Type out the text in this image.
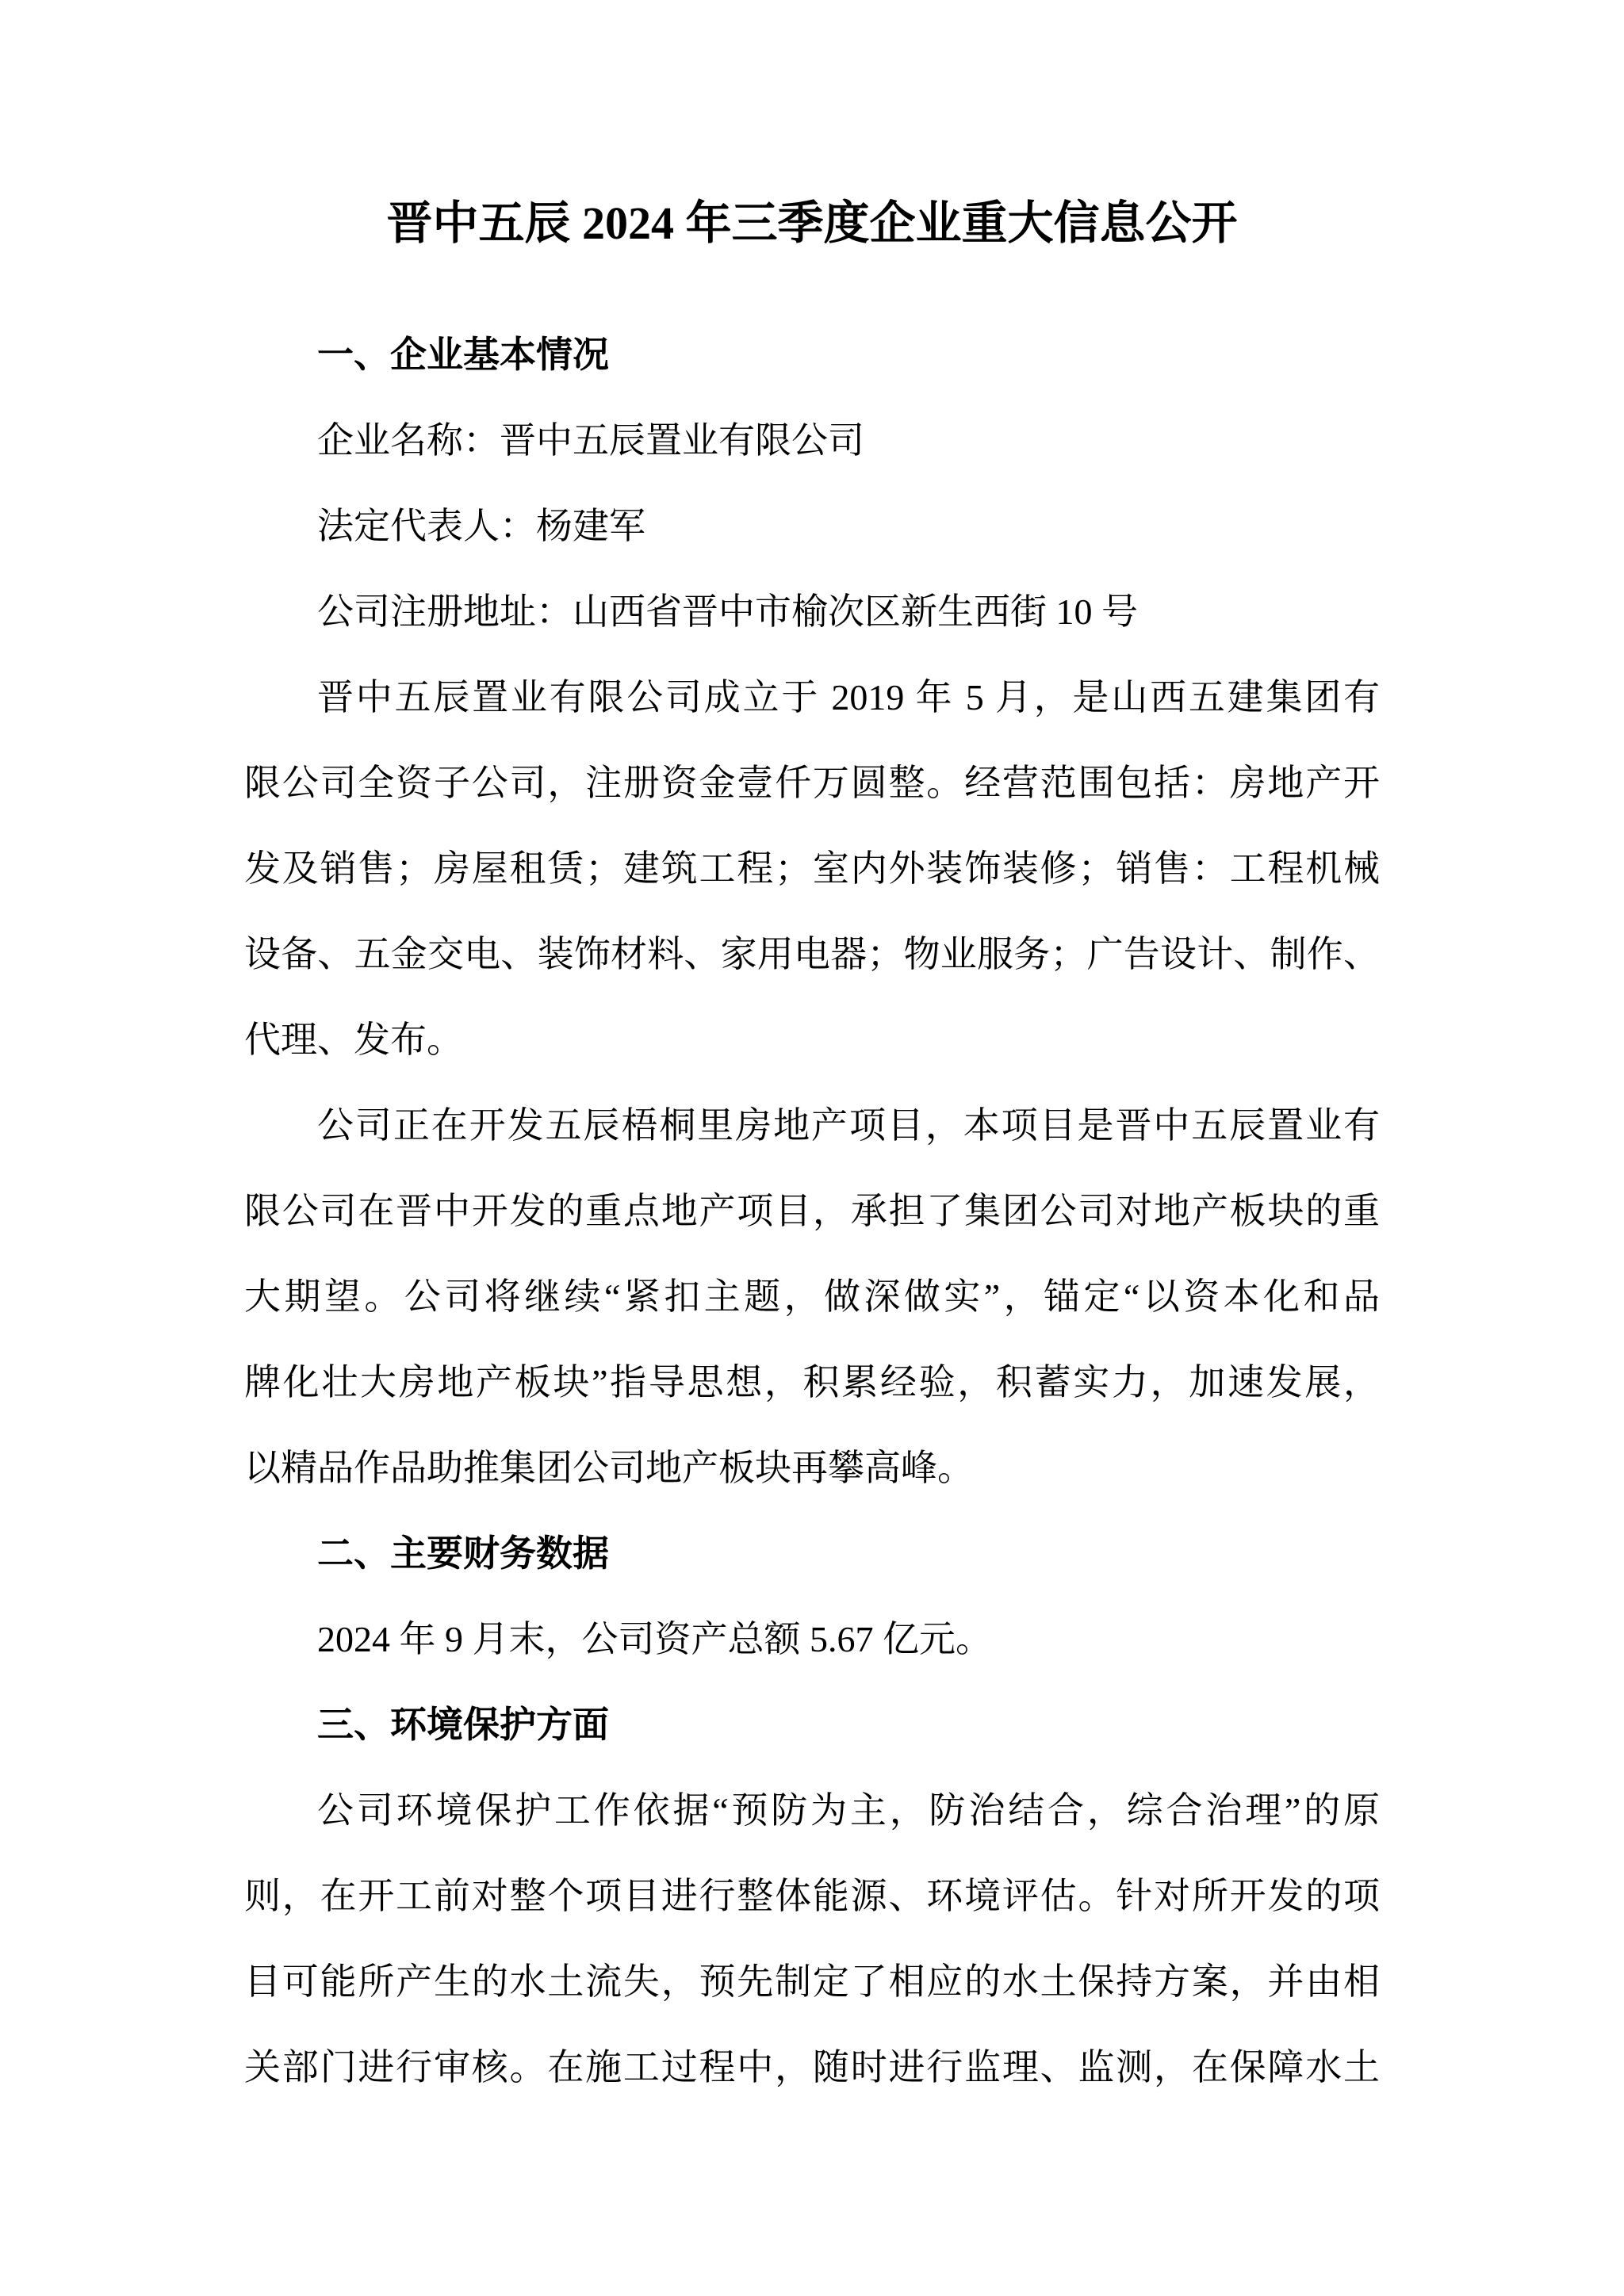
晋中五辰 2024 年三季度企业重大信息公开
一、企业基本情况
企业名称：晋中五辰置业有限公司
法定代表人：杨建军
公司注册地址：山西省晋中市榆次区新生西街 10 号
晋中五辰置业有限公司成立于 2019 年 5 月，是山西五建集团有
限公司全资子公司，注册资金壹仟万圆整。经营范围包括：房地产开
发及销售；房屋租赁；建筑工程；室内外装饰装修；销售：工程机械
设备、五金交电、装饰材料、家用电器；物业服务；广告设计、制作、
代理、发布。
公司正在开发五辰梧桐里房地产项目，本项目是晋中五辰置业有
限公司在晋中开发的重点地产项目，承担了集团公司对地产板块的重
大期望。公司将继续“紧扣主题，做深做实”，锚定“以资本化和品
牌化壮大房地产板块”指导思想，积累经验，积蓄实力，加速发展，
以精品作品助推集团公司地产板块再攀高峰。
二、主要财务数据
2024 年 9 月末，公司资产总额 5.67 亿元。
三、环境保护方面
公司环境保护工作依据“预防为主，防治结合，综合治理”的原
则，在开工前对整个项目进行整体能源、环境评估。针对所开发的项
目可能所产生的水土流失，预先制定了相应的水土保持方案，并由相
关部门进行审核。在施工过程中，随时进行监理、监测，在保障水土
